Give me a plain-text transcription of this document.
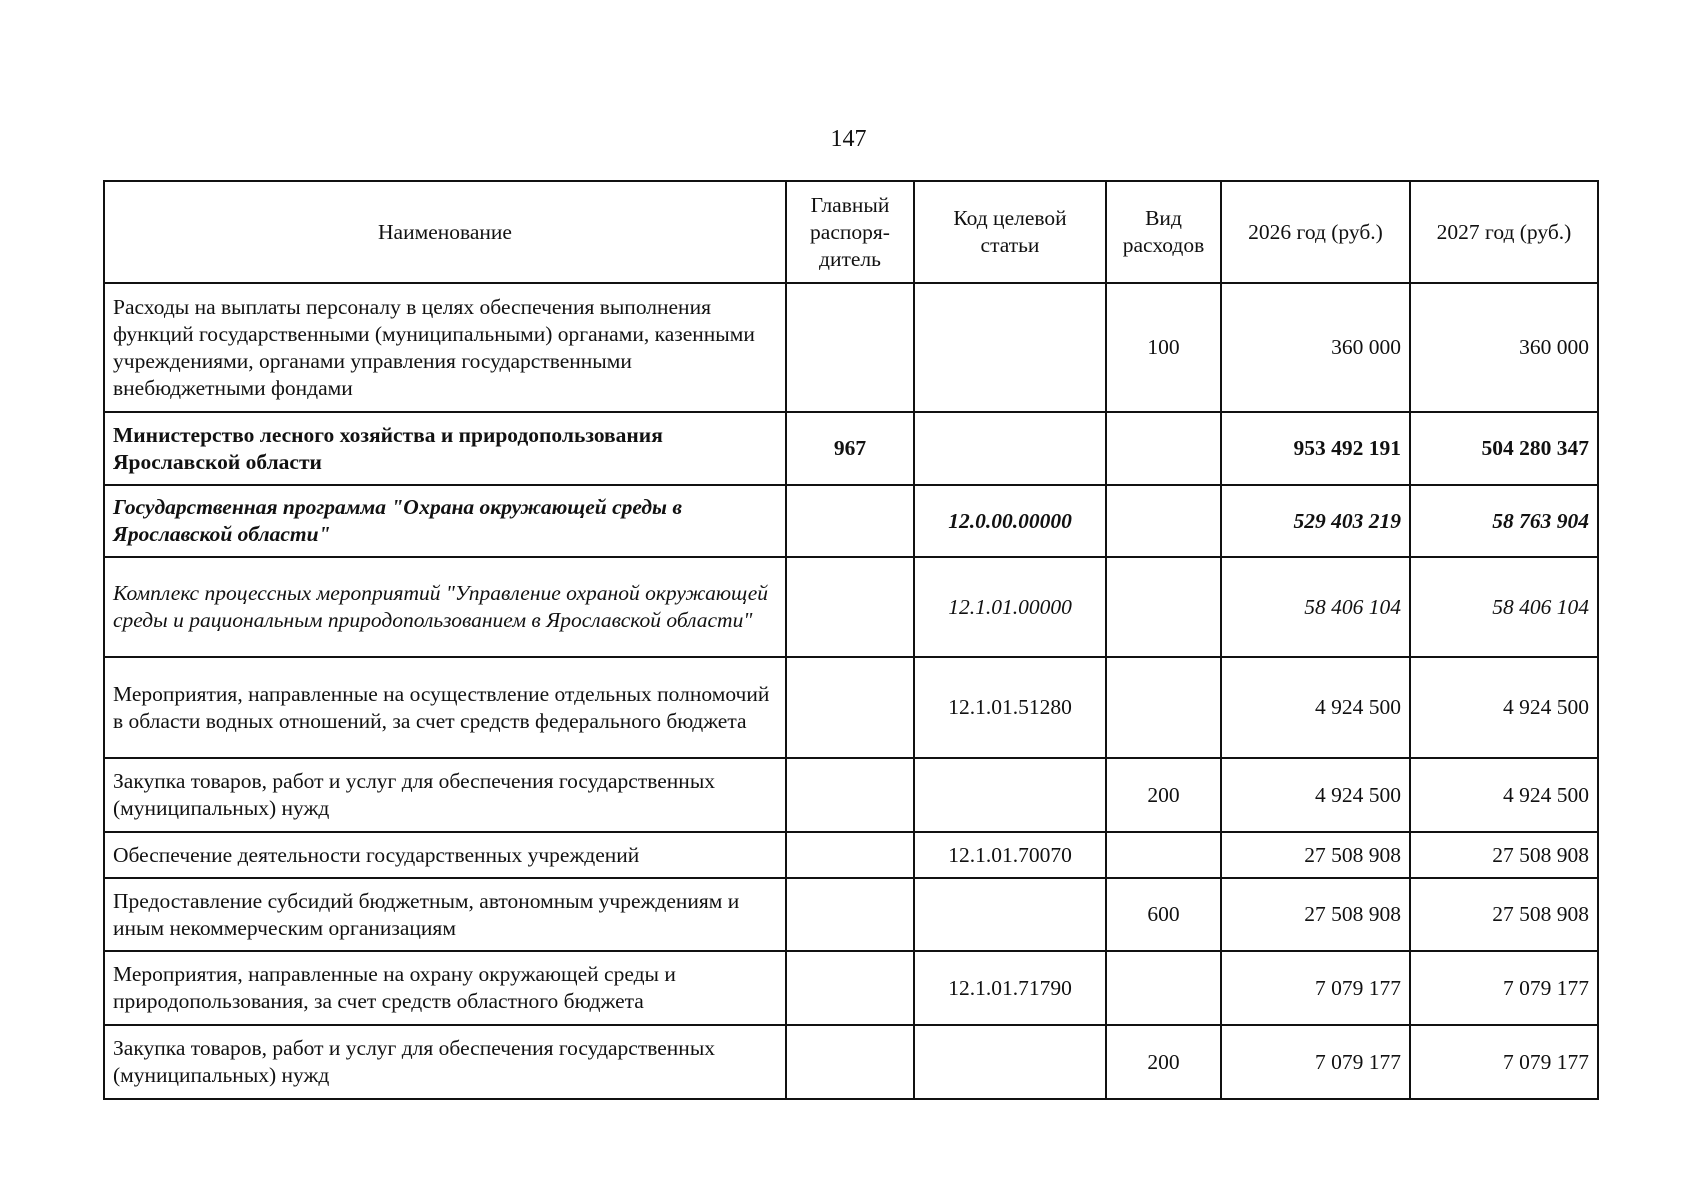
147
Наименование	Главный распоря-дитель	Код целевой статьи	Вид расходов	2026 год (руб.)	2027 год (руб.)
Расходы на выплаты персоналу в целях обеспечения выполнения функций государственными (муниципальными) органами, казенными учреждениями, органами управления государственными внебюджетными фондами			100	360 000	360 000
Министерство лесного хозяйства и природопользования Ярославской области	967			953 492 191	504 280 347
Государственная программа "Охрана окружающей среды в Ярославской области"		12.0.00.00000		529 403 219	58 763 904
Комплекс процессных мероприятий "Управление охраной окружающей среды и рациональным природопользованием в Ярославской области"		12.1.01.00000		58 406 104	58 406 104
Мероприятия, направленные на осуществление отдельных полномочий в области водных отношений, за счет средств федерального бюджета		12.1.01.51280		4 924 500	4 924 500
Закупка товаров, работ и услуг для обеспечения государственных (муниципальных) нужд			200	4 924 500	4 924 500
Обеспечение деятельности государственных учреждений		12.1.01.70070		27 508 908	27 508 908
Предоставление субсидий бюджетным, автономным учреждениям и иным некоммерческим организациям			600	27 508 908	27 508 908
Мероприятия, направленные на охрану окружающей среды и природопользования, за счет средств областного бюджета		12.1.01.71790		7 079 177	7 079 177
Закупка товаров, работ и услуг для обеспечения государственных (муниципальных) нужд			200	7 079 177	7 079 177
